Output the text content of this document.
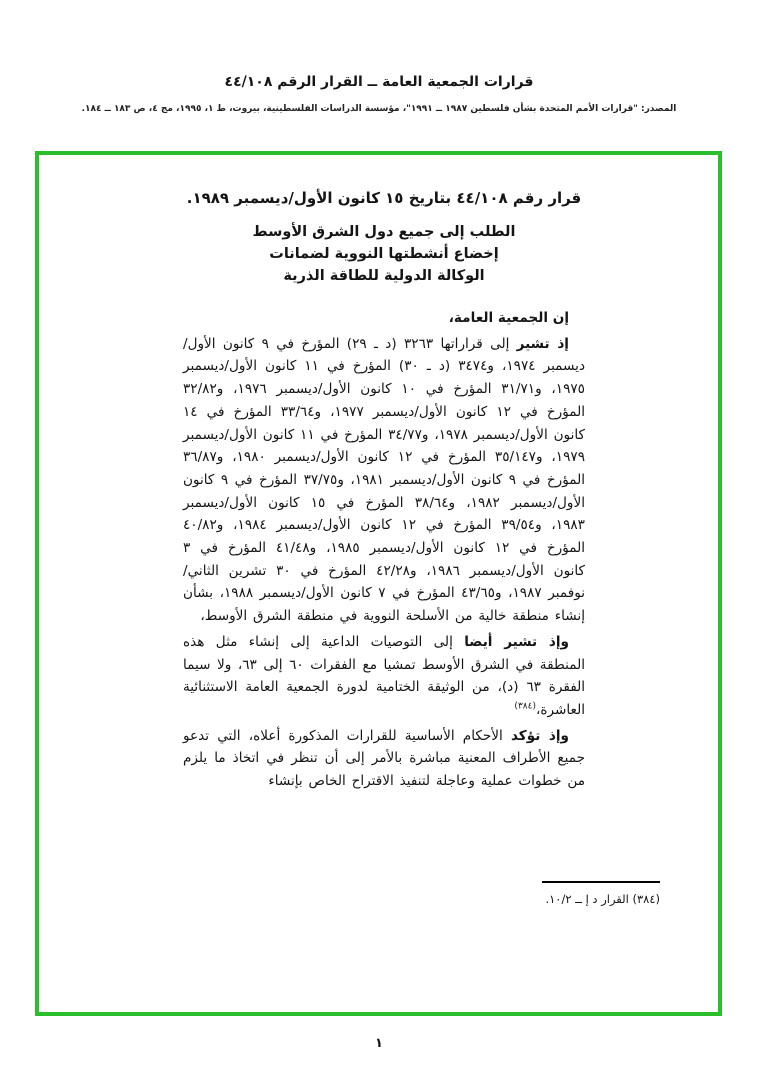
قرارات الجمعية العامة ــ القرار الرقم ٤٤/١٠٨
المصدر: "قرارات الأمم المتحدة بشأن فلسطين ١٩٨٧ ــ ١٩٩١"، مؤسسة الدراسات الفلسطينية، بيروت، ط ١، ١٩٩٥، مج ٤، ص ١٨٣ ــ ١٨٤.
قرار رقم ٤٤/١٠٨ بتاريخ ١٥ كانون الأول/ديسمبر ١٩٨٩.
الطلب إلى جميع دول الشرق الأوسط
إخضاع أنشطتها النووية لضمانات
الوكالة الدولية للطاقة الذرية

إن الجمعية العامة،

إذ تشير إلى قراراتها ٣٢٦٣ (د ـ ٢٩) المؤرخ في ٩ كانون الأول/ديسمبر ١٩٧٤، و٣٤٧٤ (د ـ ٣٠) المؤرخ في ١١ كانون الأول/ديسمبر ١٩٧٥، و٣١/٧١ المؤرخ في ١٠ كانون الأول/ديسمبر ١٩٧٦، و٣٢/٨٢ المؤرخ في ١٢ كانون الأول/ديسمبر ١٩٧٧، و٣٣/٦٤ المؤرخ في ١٤ كانون الأول/ديسمبر ١٩٧٨، و٣٤/٧٧ المؤرخ في ١١ كانون الأول/ديسمبر ١٩٧٩، و٣٥/١٤٧ المؤرخ في ١٢ كانون الأول/ديسمبر ١٩٨٠، و٣٦/٨٧ المؤرخ في ٩ كانون الأول/ديسمبر ١٩٨١، و٣٧/٧٥ المؤرخ في ٩ كانون الأول/ديسمبر ١٩٨٢، و٣٨/٦٤ المؤرخ في ١٥ كانون الأول/ديسمبر ١٩٨٣، و٣٩/٥٤ المؤرخ في ١٢ كانون الأول/ديسمبر ١٩٨٤، و٤٠/٨٢ المؤرخ في ١٢ كانون الأول/ديسمبر ١٩٨٥، و٤١/٤٨ المؤرخ في ٣ كانون الأول/ديسمبر ١٩٨٦، و٤٢/٢٨ المؤرخ في ٣٠ تشرين الثاني/نوفمبر ١٩٨٧، و٤٣/٦٥ المؤرخ في ٧ كانون الأول/ديسمبر ١٩٨٨، بشأن إنشاء منطقة خالية من الأسلحة النووية في منطقة الشرق الأوسط،

وإذ تشير أيضا إلى التوصيات الداعية إلى إنشاء مثل هذه المنطقة في الشرق الأوسط تمشيا مع الفقرات ٦٠ إلى ٦٣، ولا سيما الفقرة ٦٣ (د)، من الوثيقة الختامية لدورة الجمعية العامة الاستثنائية العاشرة،$^{(٣٨٤)}$

وإذ تؤكد الأحكام الأساسية للقرارات المذكورة أعلاه، التي تدعو جميع الأطراف المعنية مباشرة بالأمر إلى أن تنظر في اتخاذ ما يلزم من خطوات عملية وعاجلة لتنفيذ الاقتراح الخاص بإنشاء

(٣٨٤) القرار د إ ــ ١٠/٢.
١
